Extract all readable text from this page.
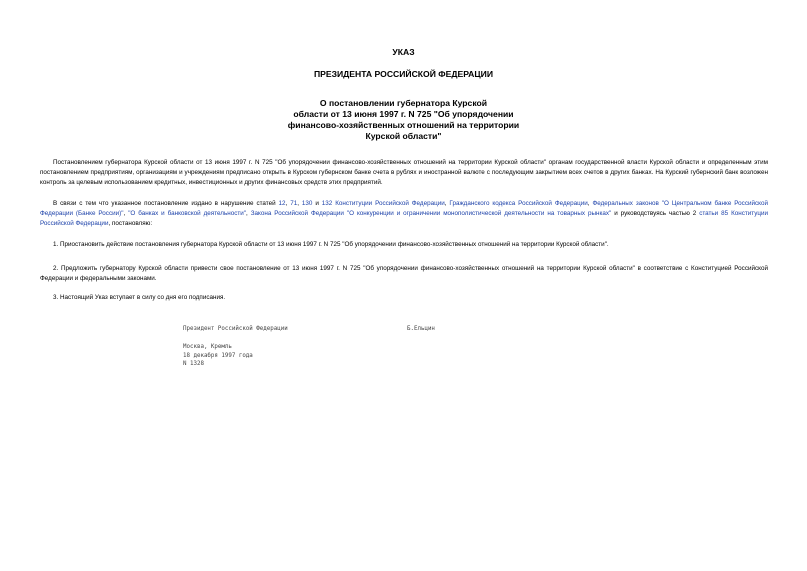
УКАЗ
ПРЕЗИДЕНТА РОССИЙСКОЙ ФЕДЕРАЦИИ
О постановлении губернатора Курской
области от 13 июня 1997 г. N 725 "Об упорядочении
финансово-хозяйственных отношений на территории
Курской области"
Постановлением губернатора Курской области от 13 июня 1997 г. N 725 "Об упорядочении финансово-хозяйственных отношений на территории Курской области" органам государственной власти Курской области и определенным этим постановлением предприятиям, организациям и учреждениям предписано открыть в Курском губернском банке счета в рублях и иностранной валюте с последующим закрытием всех счетов в других банках. На Курский губернский банк возложен контроль за целевым использованием кредитных, инвестиционных и других финансовых средств этих предприятий.
В связи с тем что указанное постановление издано в нарушение статей 12, 71, 130 и 132 Конституции Российской Федерации, Гражданского кодекса Российской Федерации, Федеральных законов "О Центральном банке Российской Федерации (Банке России)", "О банках и банковской деятельности", Закона Российской Федерации "О конкуренции и ограничении монополистической деятельности на товарных рынках" и руководствуясь частью 2 статьи 85 Конституции Российской Федерации, постановляю:
1. Приостановить действие постановления губернатора Курской области от 13 июня 1997 г. N 725 "Об упорядочении финансово-хозяйственных отношений на территории Курской области".
2. Предложить губернатору Курской области привести свое постановление от 13 июня 1997 г. N 725 "Об упорядочении финансово-хозяйственных отношений на территории Курской области" в соответствие с Конституцией Российской Федерации и федеральными законами.
3. Настоящий Указ вступает в силу со дня его подписания.
Президент Российской Федерации	Б.Ельцин
Москва, Кремль
18 декабря 1997 года
N 1328
